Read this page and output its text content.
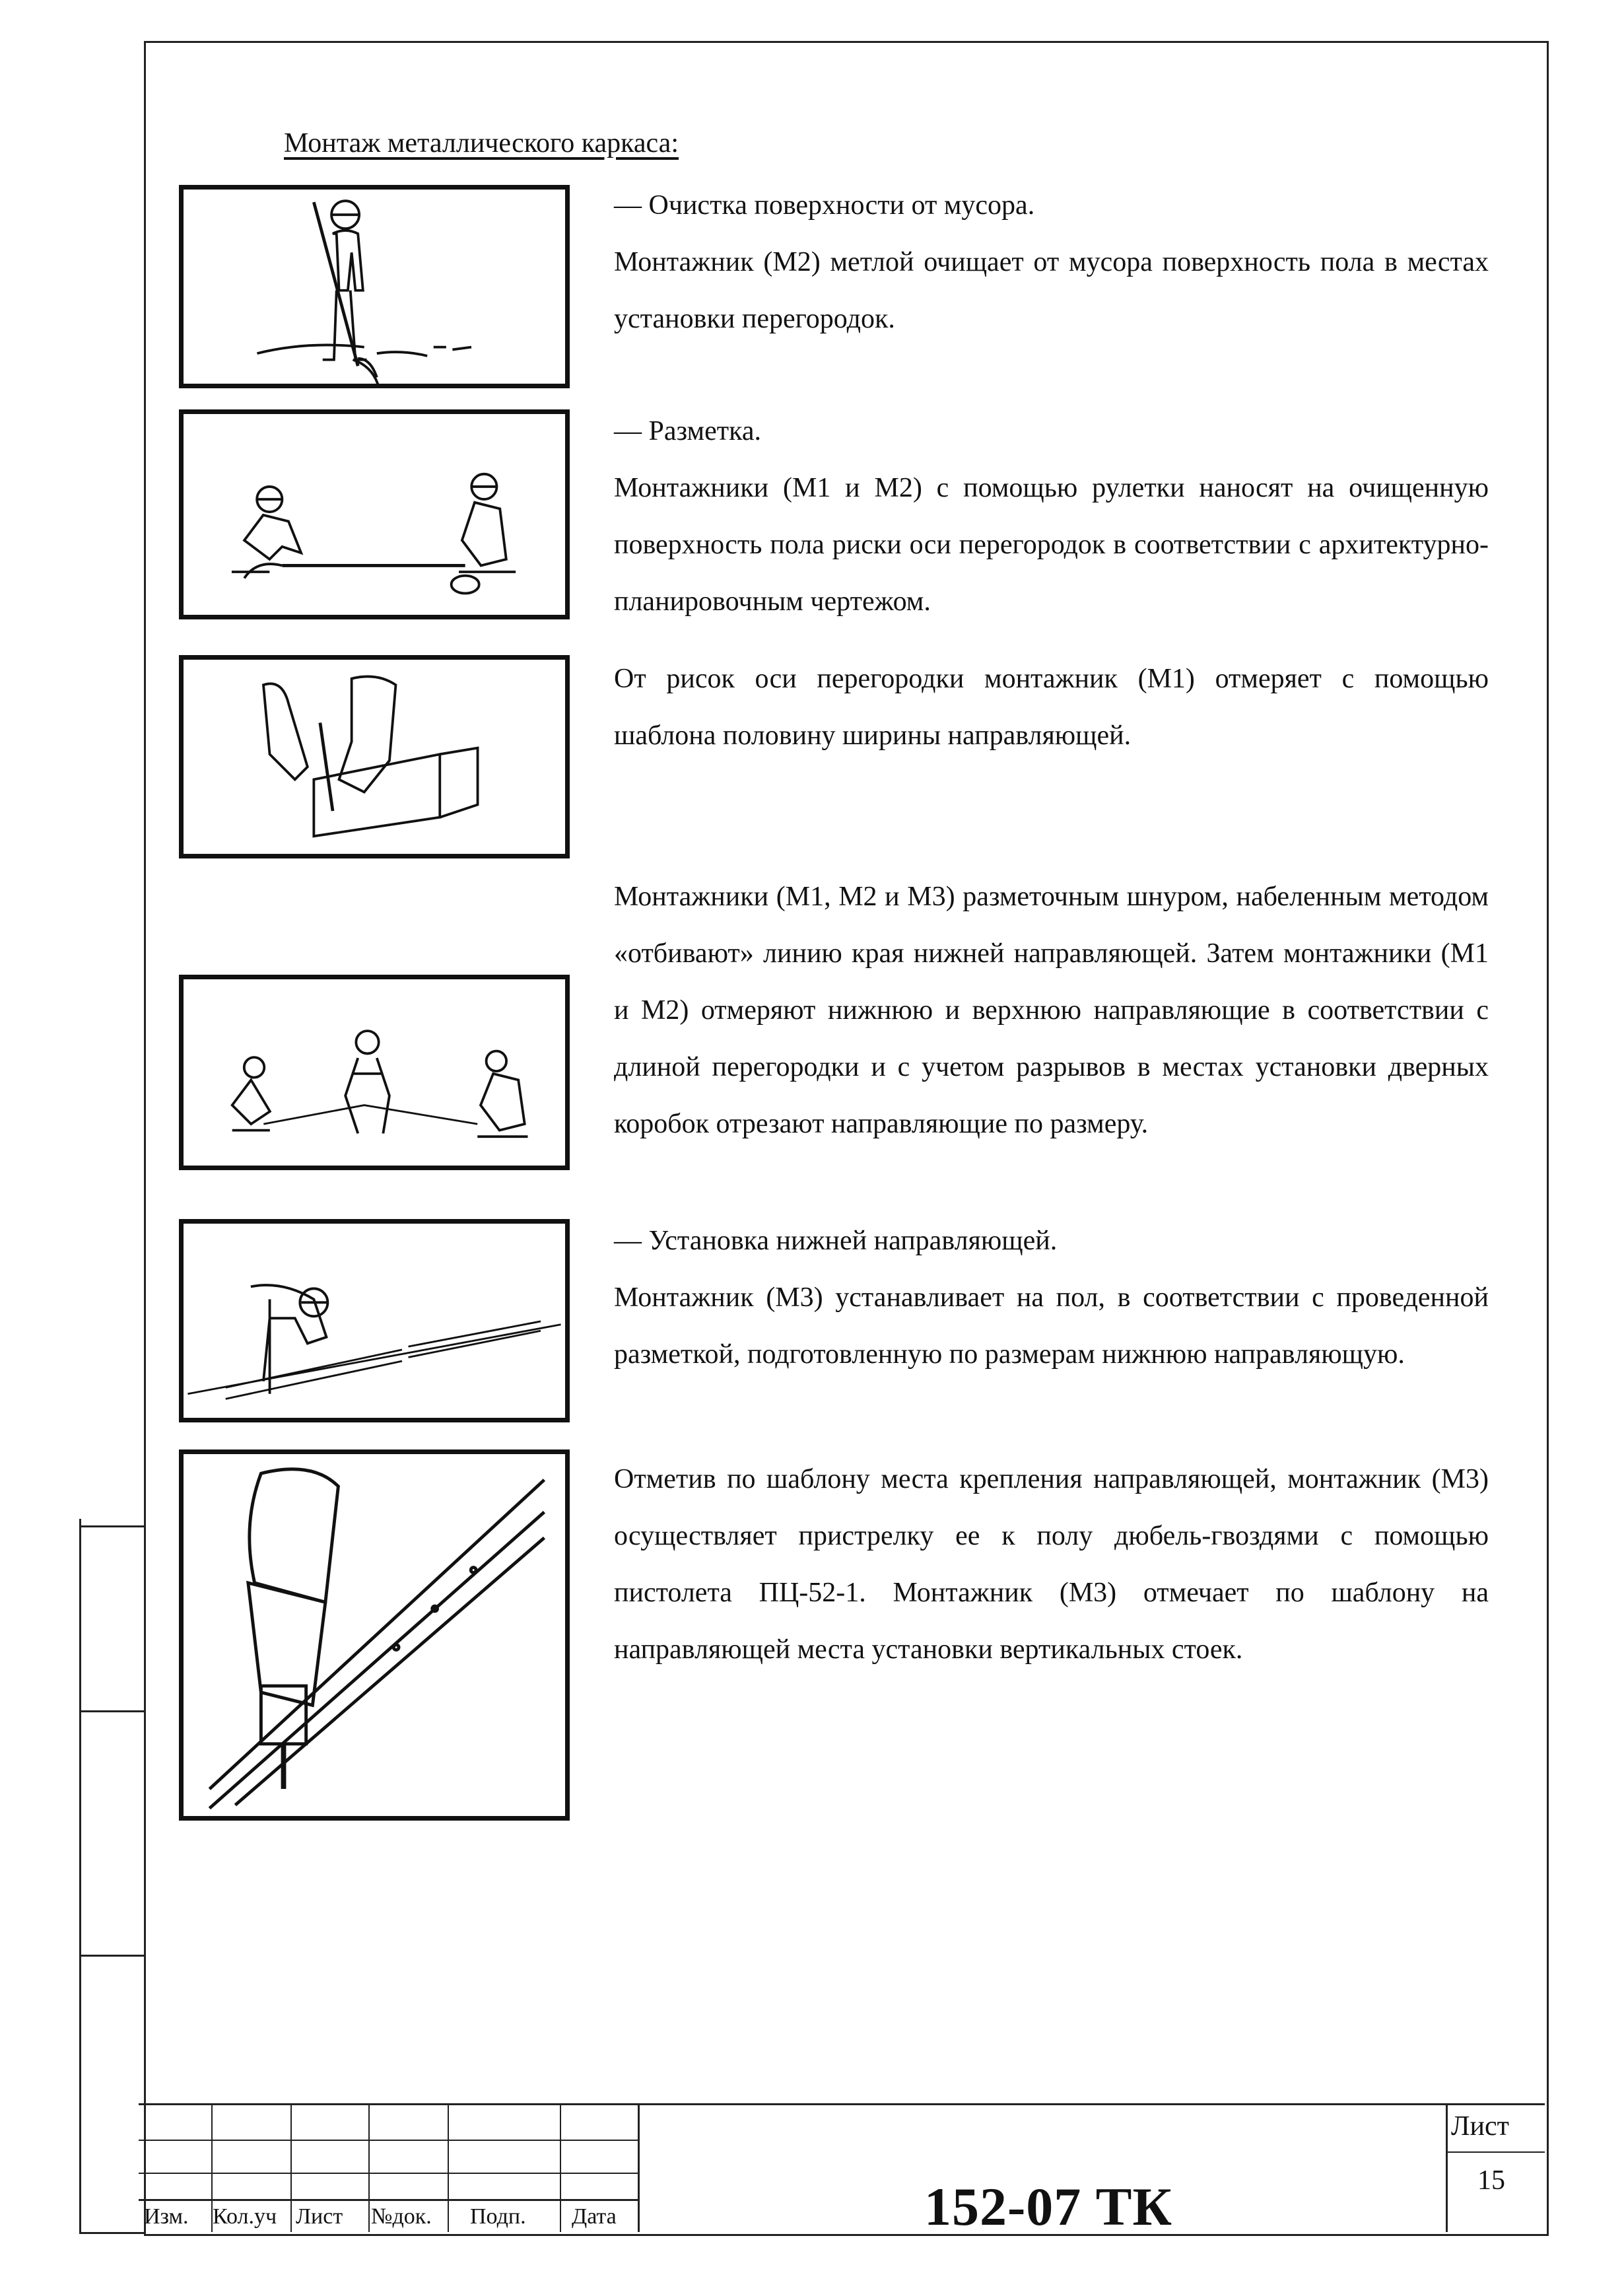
Монтаж металлического каркаса:

— Очистка поверхности от мусора.

Монтажник (М2) метлой очищает от мусора поверхность пола в местах установки перегородок.

— Разметка.

Монтажники (М1 и М2) с помощью рулетки наносят на очищенную поверхность пола риски оси перегородок в соответствии с архитектурно-планировочным чертежом.

От рисок оси перегородки монтажник (М1) отмеряет с помощью шаблона половину ширины направляющей.

Монтажники (М1, М2 и М3) разметочным шнуром, набеленным методом «отбивают» линию края нижней направляющей. Затем монтажники (М1 и М2) отмеряют нижнюю и верхнюю направляющие в соответствии с длиной перегородки и с учетом разрывов в местах установки дверных коробок отрезают направляющие по размеру.

— Установка нижней направляющей.

Монтажник (М3) устанавливает на пол, в соответствии с проведенной разметкой, подготовленную по размерам нижнюю направляющую.

Отметив по шаблону места крепления направляющей, монтажник (М3) осуществляет пристрелку ее к полу дюбель-гвоздями с помощью пистолета ПЦ-52-1. Монтажник (М3) отмечает по шаблону на направляющей места установки вертикальных стоек.

Изм. Кол.уч Лист №док. Подп. Дата	152-07 ТК
Лист
15
